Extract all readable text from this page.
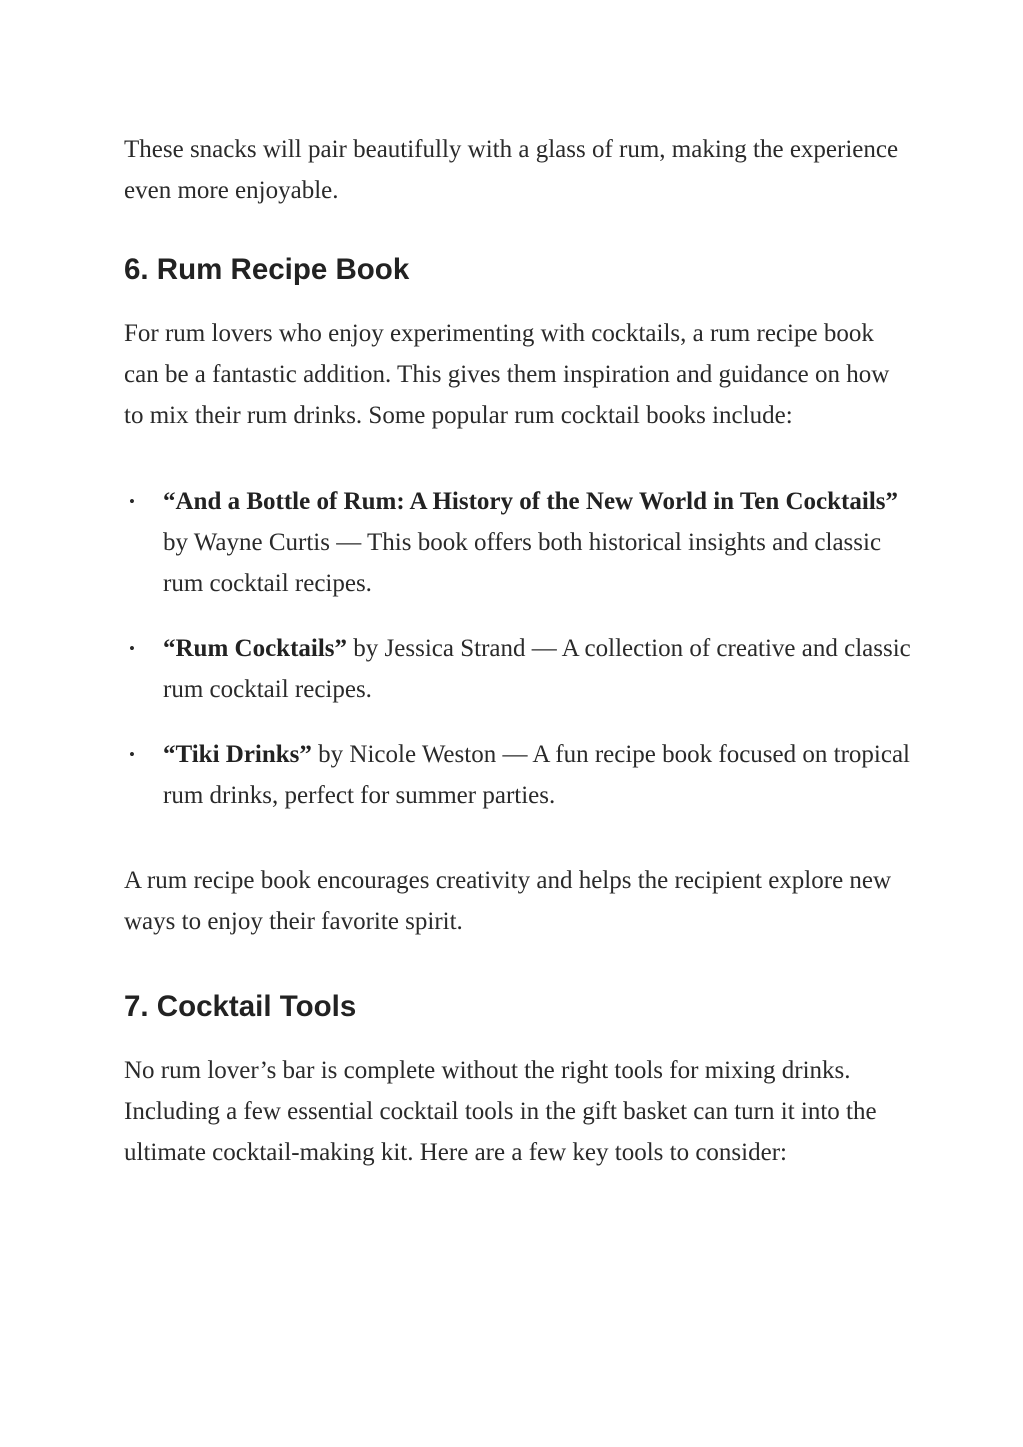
These snacks will pair beautifully with a glass of rum, making the experience even more enjoyable.

6. Rum Recipe Book

For rum lovers who enjoy experimenting with cocktails, a rum recipe book can be a fantastic addition. This gives them inspiration and guidance on how to mix their rum drinks. Some popular rum cocktail books include:

• “And a Bottle of Rum: A History of the New World in Ten Cocktails” by Wayne Curtis — This book offers both historical insights and classic rum cocktail recipes.
• “Rum Cocktails” by Jessica Strand — A collection of creative and classic rum cocktail recipes.
• “Tiki Drinks” by Nicole Weston — A fun recipe book focused on tropical rum drinks, perfect for summer parties.

A rum recipe book encourages creativity and helps the recipient explore new ways to enjoy their favorite spirit.

7. Cocktail Tools

No rum lover’s bar is complete without the right tools for mixing drinks. Including a few essential cocktail tools in the gift basket can turn it into the ultimate cocktail-making kit. Here are a few key tools to consider:
